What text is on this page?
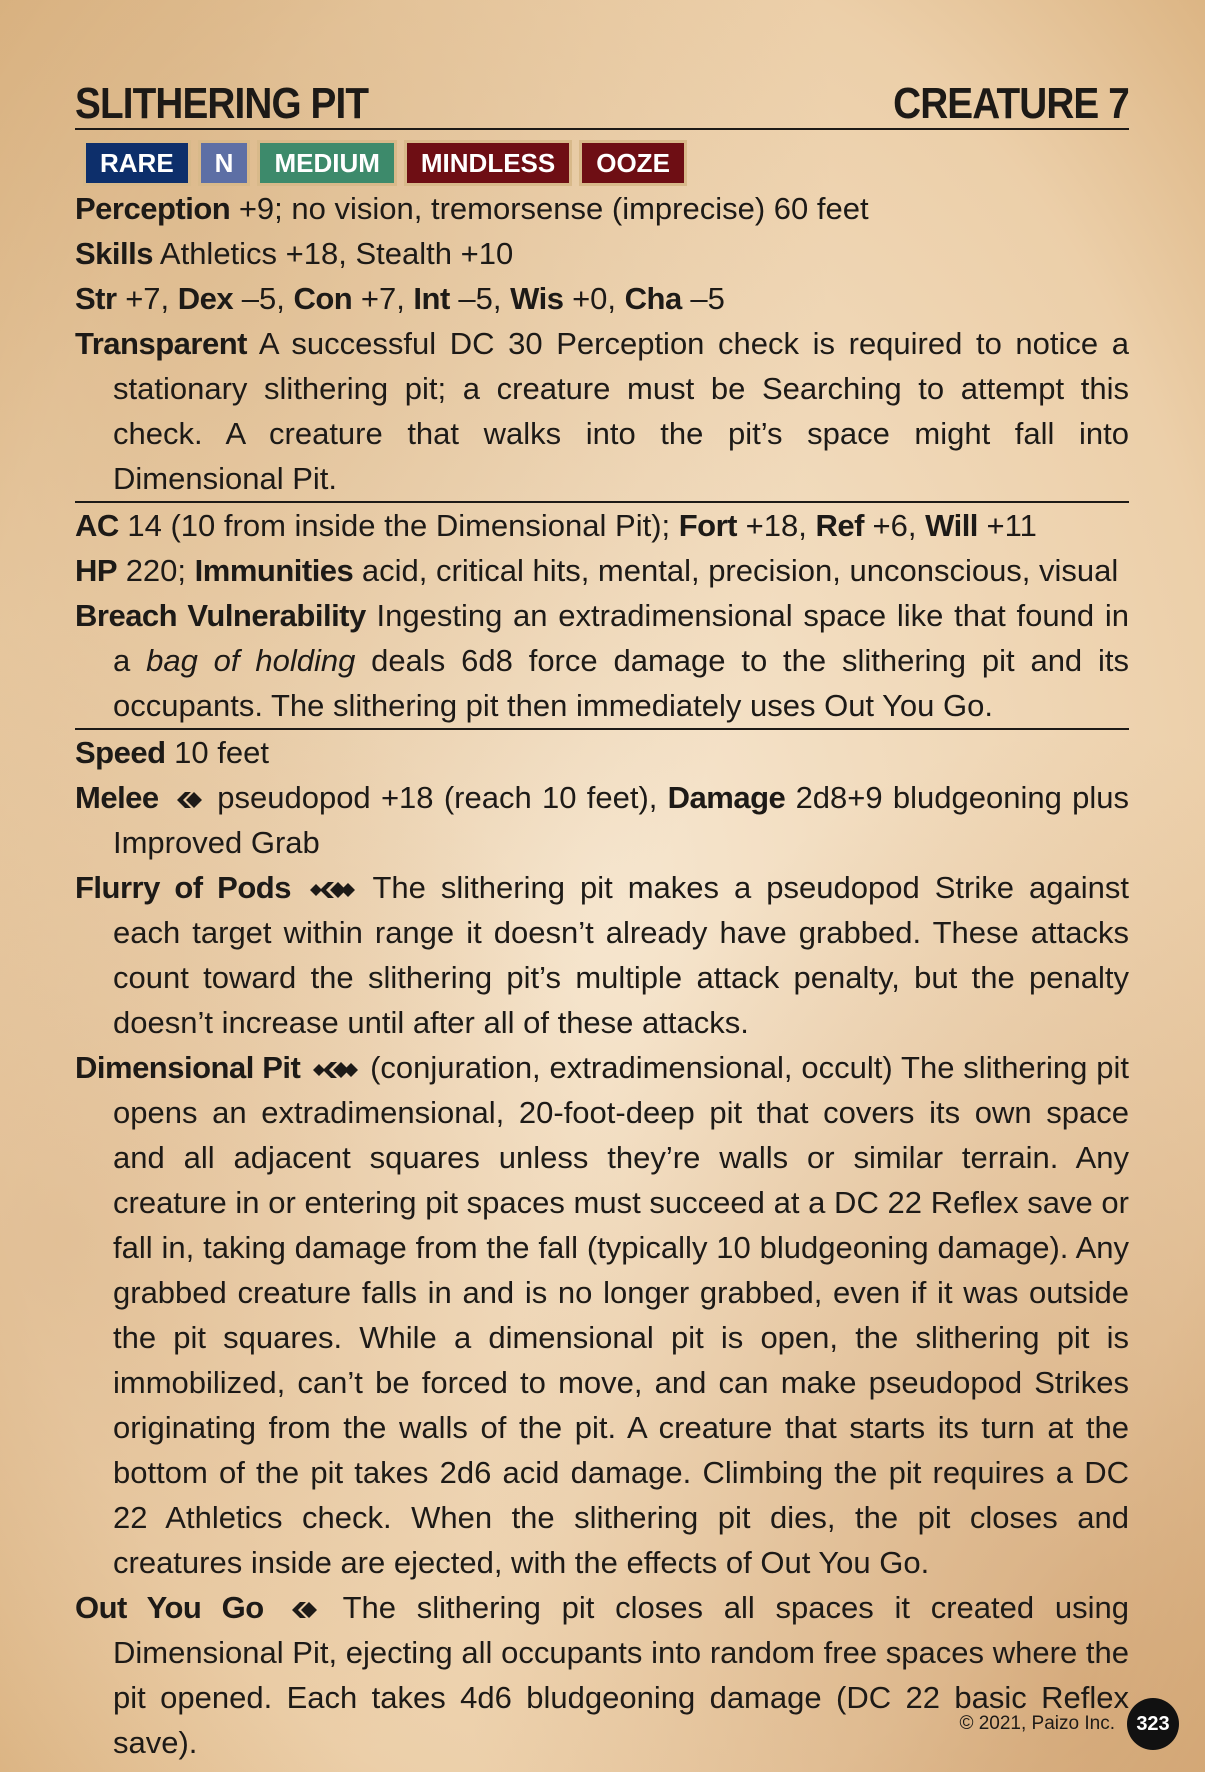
SLITHERING PIT	CREATURE 7
RARE	N	MEDIUM	MINDLESS	OOZE

Perception +9; no vision, tremorsense (imprecise) 60 feet

Skills Athletics +18, Stealth +10

Str +7, Dex –5, Con +7, Int –5, Wis +0, Cha –5

Transparent A successful DC 30 Perception check is required to notice a stationary slithering pit; a creature must be Searching to attempt this check. A creature that walks into the pit’s space might fall into Dimensional Pit.

AC 14 (10 from inside the Dimensional Pit); Fort +18, Ref +6, Will +11

HP 220; Immunities acid, critical hits, mental, precision, unconscious, visual

Breach Vulnerability Ingesting an extradimensional space like that found in a bag of holding deals 6d8 force damage to the slithering pit and its occupants. The slithering pit then immediately uses Out You Go.

Speed 10 feet

Melee  pseudopod +18 (reach 10 feet), Damage 2d8+9 bludgeoning plus Improved Grab

Flurry of Pods  The slithering pit makes a pseudopod Strike against each target within range it doesn’t already have grabbed. These attacks count toward the slithering pit’s multiple attack penalty, but the penalty doesn’t increase until after all of these attacks.

Dimensional Pit  (conjuration, extradimensional, occult) The slithering pit opens an extradimensional, 20-foot-deep pit that covers its own space and all adjacent squares unless they’re walls or similar terrain. Any creature in or entering pit spaces must succeed at a DC 22 Reflex save or fall in, taking damage from the fall (typically 10 bludgeoning damage). Any grabbed creature falls in and is no longer grabbed, even if it was outside the pit squares. While a dimensional pit is open, the slithering pit is immobilized, can’t be forced to move, and can make pseudopod Strikes originating from the walls of the pit. A creature that starts its turn at the bottom of the pit takes 2d6 acid damage. Climbing the pit requires a DC 22 Athletics check. When the slithering pit dies, the pit closes and creatures inside are ejected, with the effects of Out You Go.

Out You Go  The slithering pit closes all spaces it created using Dimensional Pit, ejecting all occupants into random free spaces where the pit opened. Each takes 4d6 bludgeoning damage (DC 22 basic Reflex save).

© 2021, Paizo Inc.	323
